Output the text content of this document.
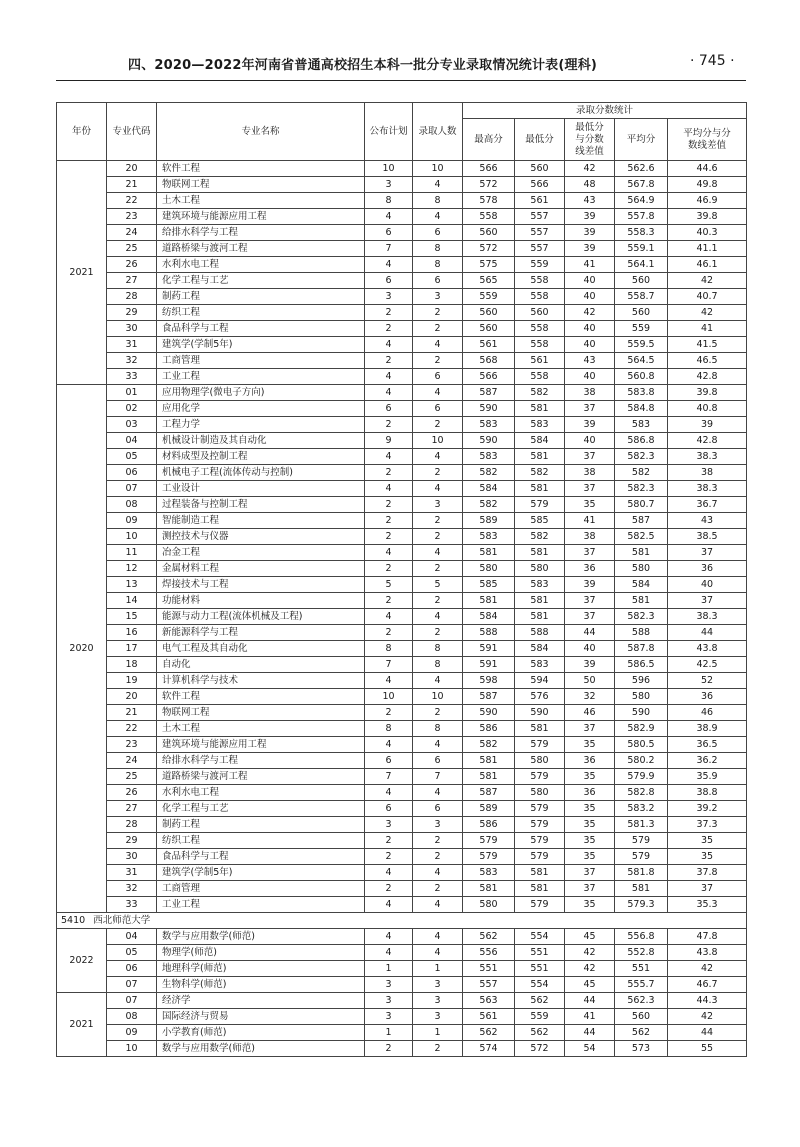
四、2020—2022年河南省普通高校招生本科一批分专业录取情况统计表(理科)	· 745 ·
年份	专业代码	专业名称	公布计划	录取人数	录取分数统计				
					最高分	最低分	最低分与分数线差值	平均分	平均分与分数线差值
2021	20	软件工程	10	10	566	560	42	562.6	44.6
	21	物联网工程	3	4	572	566	48	567.8	49.8
	22	土木工程	8	8	578	561	43	564.9	46.9
	23	建筑环境与能源应用工程	4	4	558	557	39	557.8	39.8
	24	给排水科学与工程	6	6	560	557	39	558.3	40.3
	25	道路桥梁与渡河工程	7	8	572	557	39	559.1	41.1
	26	水利水电工程	4	8	575	559	41	564.1	46.1
	27	化学工程与工艺	6	6	565	558	40	560	42
	28	制药工程	3	3	559	558	40	558.7	40.7
	29	纺织工程	2	2	560	560	42	560	42
	30	食品科学与工程	2	2	560	558	40	559	41
	31	建筑学(学制5年)	4	4	561	558	40	559.5	41.5
	32	工商管理	2	2	568	561	43	564.5	46.5
	33	工业工程	4	6	566	558	40	560.8	42.8
2020	01	应用物理学(微电子方向)	4	4	587	582	38	583.8	39.8
	02	应用化学	6	6	590	581	37	584.8	40.8
	03	工程力学	2	2	583	583	39	583	39
	04	机械设计制造及其自动化	9	10	590	584	40	586.8	42.8
	05	材料成型及控制工程	4	4	583	581	37	582.3	38.3
	06	机械电子工程(流体传动与控制)	2	2	582	582	38	582	38
	07	工业设计	4	4	584	581	37	582.3	38.3
	08	过程装备与控制工程	2	3	582	579	35	580.7	36.7
	09	智能制造工程	2	2	589	585	41	587	43
	10	测控技术与仪器	2	2	583	582	38	582.5	38.5
	11	冶金工程	4	4	581	581	37	581	37
	12	金属材料工程	2	2	580	580	36	580	36
	13	焊接技术与工程	5	5	585	583	39	584	40
	14	功能材料	2	2	581	581	37	581	37
	15	能源与动力工程(流体机械及工程)	4	4	584	581	37	582.3	38.3
	16	新能源科学与工程	2	2	588	588	44	588	44
	17	电气工程及其自动化	8	8	591	584	40	587.8	43.8
	18	自动化	7	8	591	583	39	586.5	42.5
	19	计算机科学与技术	4	4	598	594	50	596	52
	20	软件工程	10	10	587	576	32	580	36
	21	物联网工程	2	2	590	590	46	590	46
	22	土木工程	8	8	586	581	37	582.9	38.9
	23	建筑环境与能源应用工程	4	4	582	579	35	580.5	36.5
	24	给排水科学与工程	6	6	581	580	36	580.2	36.2
	25	道路桥梁与渡河工程	7	7	581	579	35	579.9	35.9
	26	水利水电工程	4	4	587	580	36	582.8	38.8
	27	化学工程与工艺	6	6	589	579	35	583.2	39.2
	28	制药工程	3	3	586	579	35	581.3	37.3
	29	纺织工程	2	2	579	579	35	579	35
	30	食品科学与工程	2	2	579	579	35	579	35
	31	建筑学(学制5年)	4	4	583	581	37	581.8	37.8
	32	工商管理	2	2	581	581	37	581	37
	33	工业工程	4	4	580	579	35	579.3	35.3
5410 西北师范大学									
2022	04	数学与应用数学(师范)	4	4	562	554	45	556.8	47.8
	05	物理学(师范)	4	4	556	551	42	552.8	43.8
	06	地理科学(师范)	1	1	551	551	42	551	42
	07	生物科学(师范)	3	3	557	554	45	555.7	46.7
2021	07	经济学	3	3	563	562	44	562.3	44.3
	08	国际经济与贸易	3	3	561	559	41	560	42
	09	小学教育(师范)	1	1	562	562	44	562	44
	10	数学与应用数学(师范)	2	2	574	572	54	573	55
